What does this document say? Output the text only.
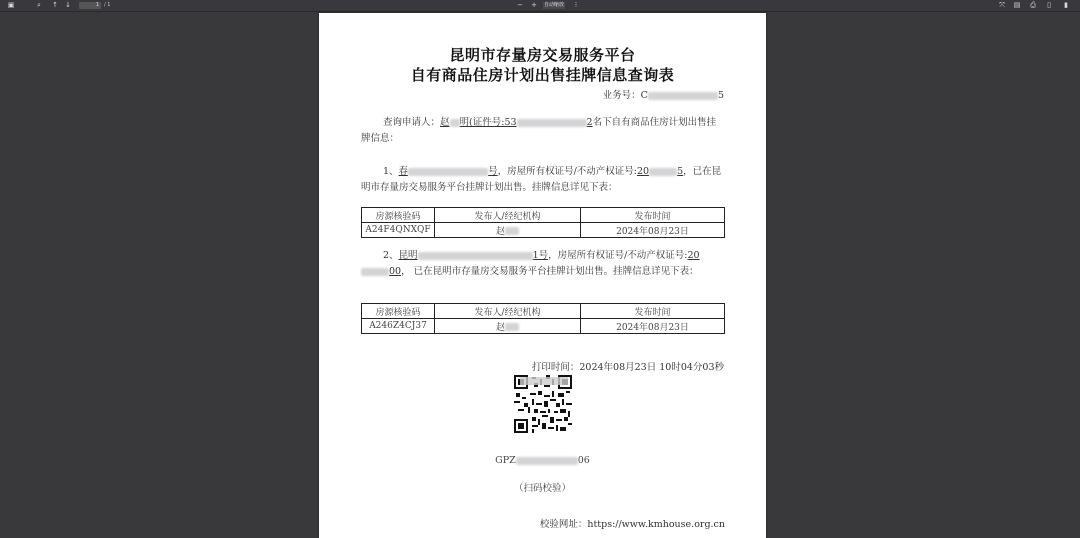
▣	⌕ ↑ ↓	1	/ 1	− + 自动缩放 ⁝	⤧ ▤ ⎙ ▯ ▮
昆明市存量房交易服务平台
自有商品住房计划出售挂牌信息查询表
业务号：C	5
查询申请人：赵 明(证件号:53	2名下自有商品住房计划出售挂牌信息：
1、春	号，房屋所有权证号/不动产权证号:20	5，已在昆明市存量房交易服务平台挂牌计划出售。挂牌信息详见下表：
房源核验码	发布人/经纪机构	发布时间
A24F4QNXQF	赵	2024年08月23日
2、昆明	1号，房屋所有权证号/不动产权证号:2000， 已在昆明市存量房交易服务平台挂牌计划出售。挂牌信息详见下表：
房源核验码	发布人/经纪机构	发布时间
A246Z4CJ37	赵	2024年08月23日
打印时间：2024年08月23日 10时04分03秒
GPZ	06
（扫码校验）
校验网址：https://www.kmhouse.org.cn
